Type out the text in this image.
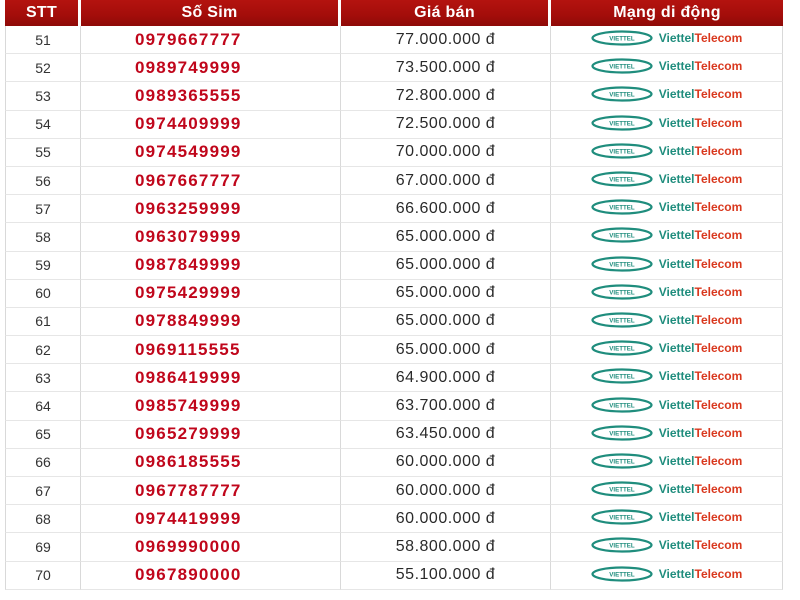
STT	Số Sim	Giá bán	Mạng di động
51	0979667777	77.000.000 đ	VIETTEL ViettelTelecom

52	0989749999	73.500.000 đ	VIETTEL ViettelTelecom

53	0989365555	72.800.000 đ	VIETTEL ViettelTelecom

54	0974409999	72.500.000 đ	VIETTEL ViettelTelecom

55	0974549999	70.000.000 đ	VIETTEL ViettelTelecom

56	0967667777	67.000.000 đ	VIETTEL ViettelTelecom

57	0963259999	66.600.000 đ	VIETTEL ViettelTelecom

58	0963079999	65.000.000 đ	VIETTEL ViettelTelecom

59	0987849999	65.000.000 đ	VIETTEL ViettelTelecom

60	0975429999	65.000.000 đ	VIETTEL ViettelTelecom

61	0978849999	65.000.000 đ	VIETTEL ViettelTelecom

62	0969115555	65.000.000 đ	VIETTEL ViettelTelecom

63	0986419999	64.900.000 đ	VIETTEL ViettelTelecom

64	0985749999	63.700.000 đ	VIETTEL ViettelTelecom

65	0965279999	63.450.000 đ	VIETTEL ViettelTelecom

66	0986185555	60.000.000 đ	VIETTEL ViettelTelecom

67	0967787777	60.000.000 đ	VIETTEL ViettelTelecom

68	0974419999	60.000.000 đ	VIETTEL ViettelTelecom

69	0969990000	58.800.000 đ	VIETTEL ViettelTelecom

70	0967890000	55.100.000 đ	VIETTEL ViettelTelecom
